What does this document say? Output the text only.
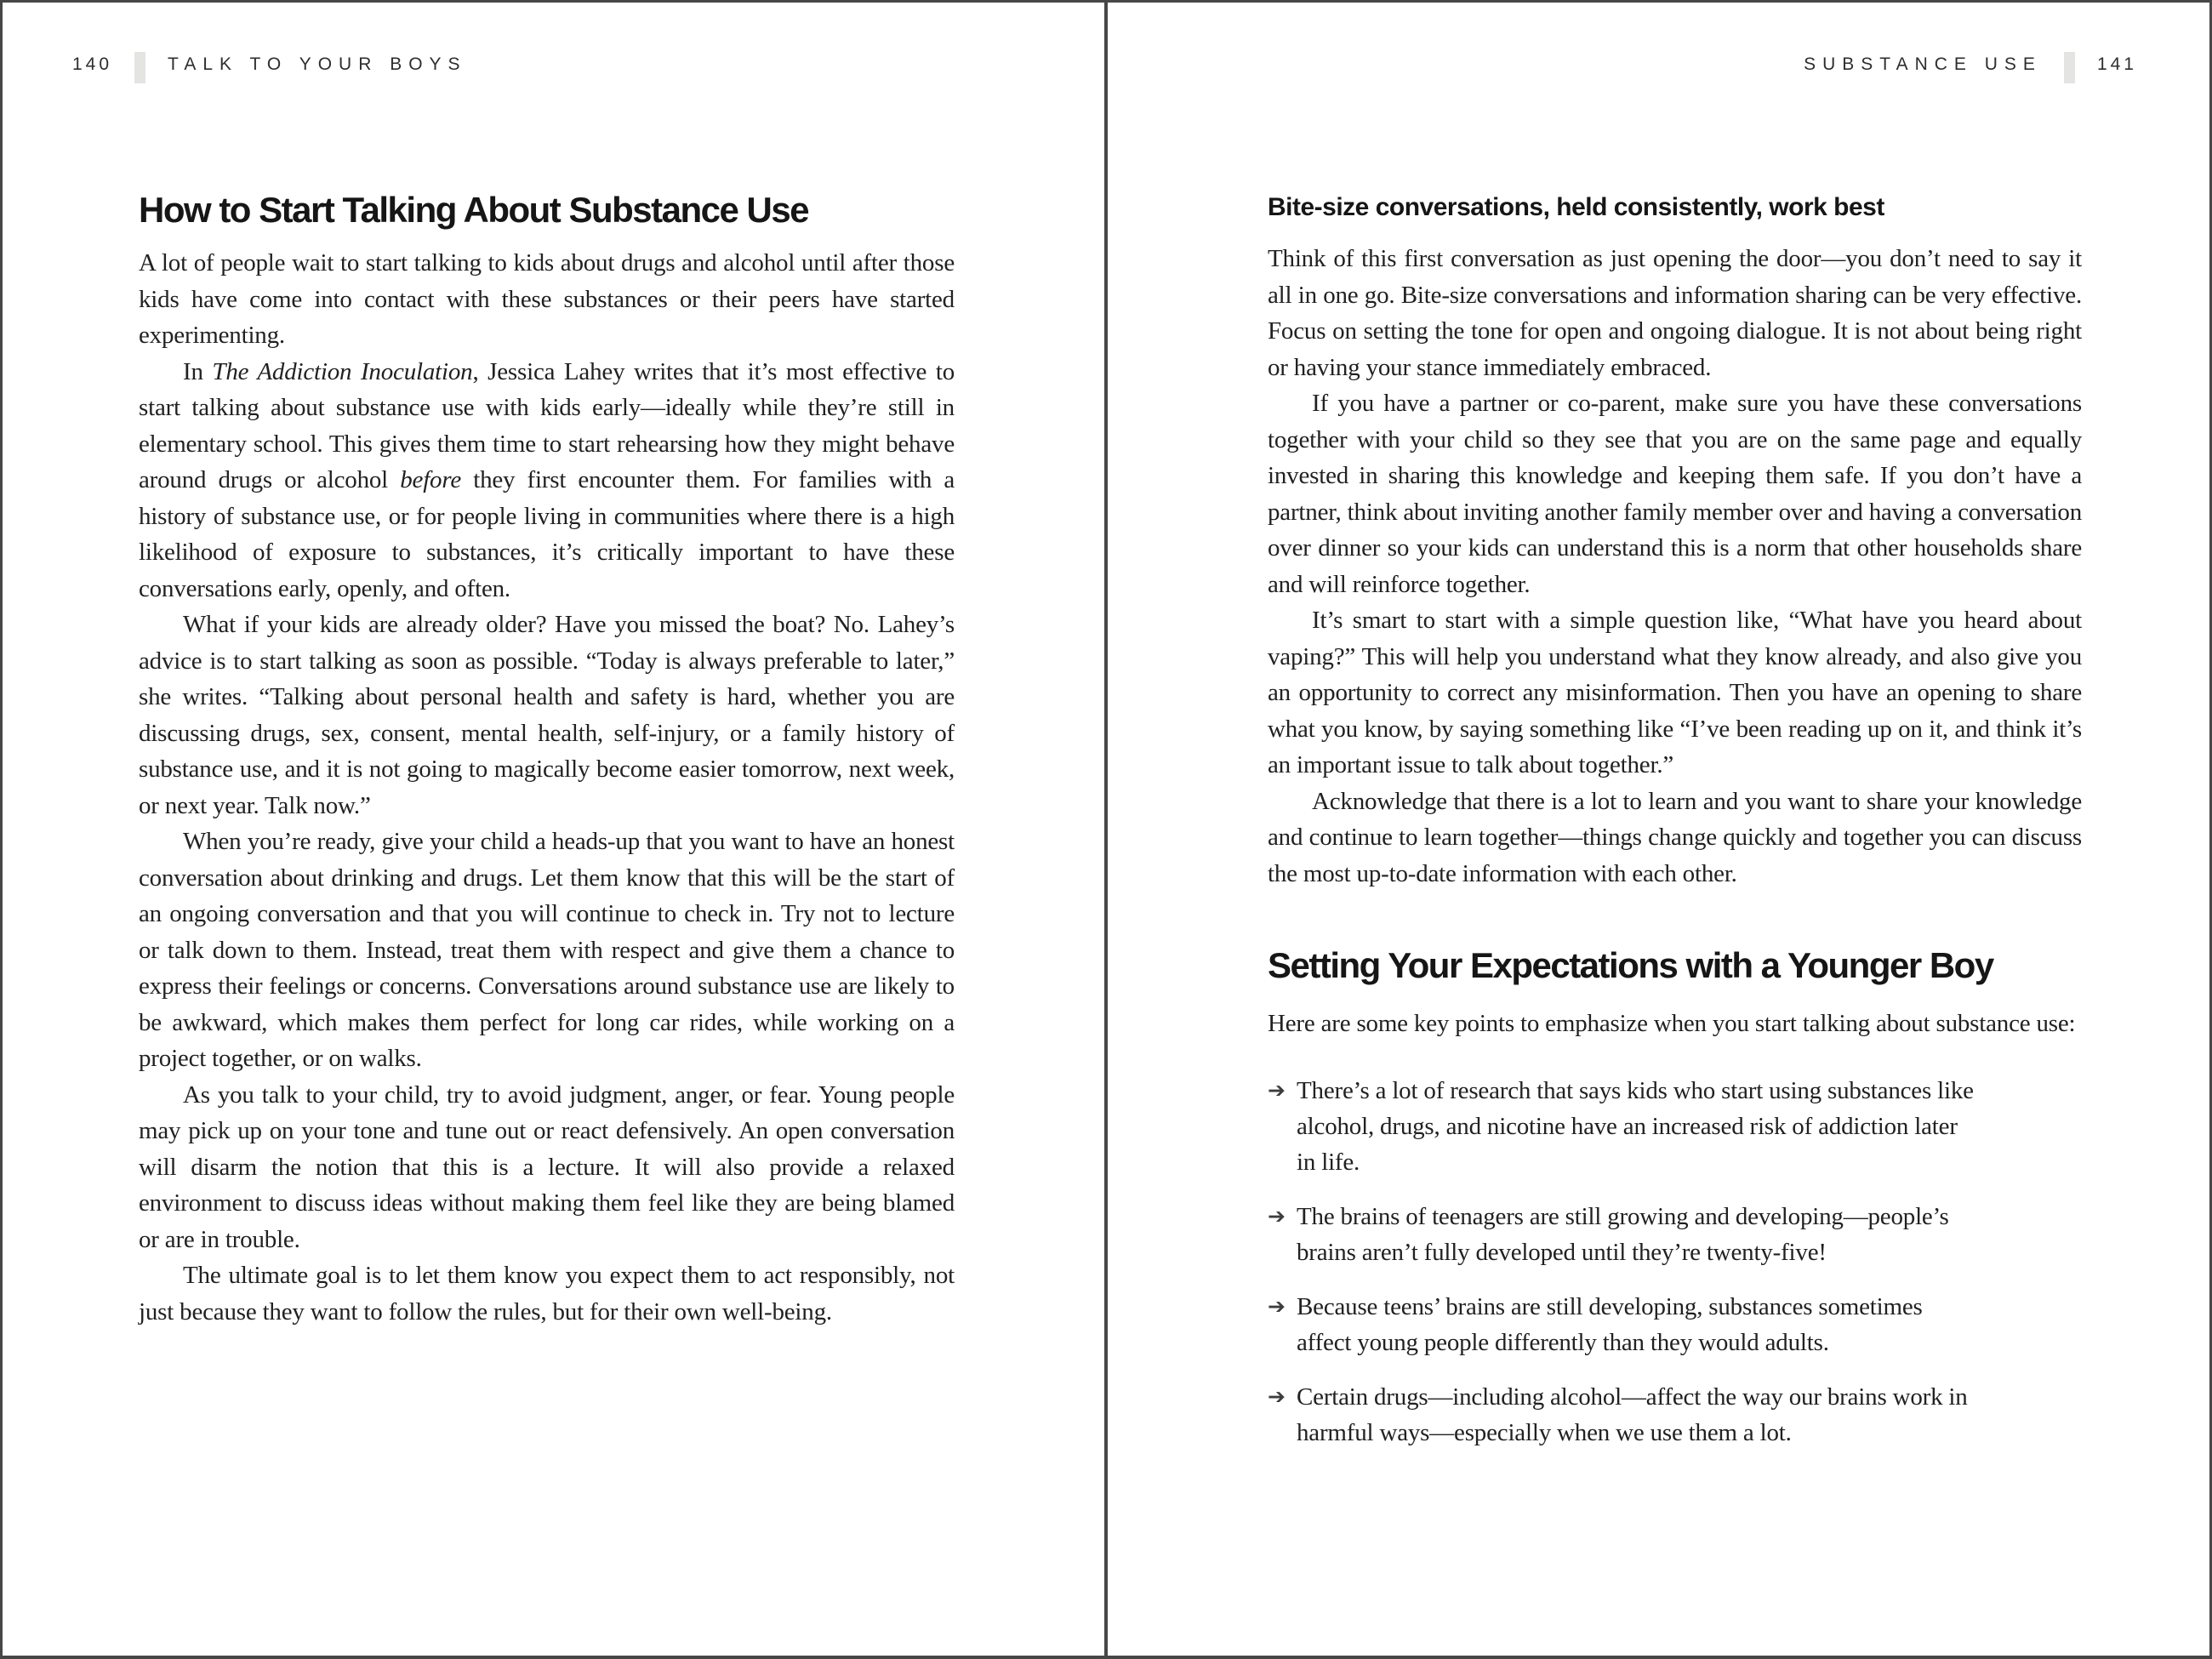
140	TALK TO YOUR BOYS
How to Start Talking About Substance Use

A lot of people wait to start talking to kids about drugs and alcohol until after those kids have come into contact with these substances or their peers have started experimenting.

In The Addiction Inoculation, Jessica Lahey writes that it’s most effective to start talking about substance use with kids early—ideally while they’re still in elementary school. This gives them time to start rehearsing how they might behave around drugs or alcohol before they first encounter them. For families with a history of substance use, or for people living in communities where there is a high likelihood of exposure to substances, it’s critically important to have these conversations early, openly, and often.

What if your kids are already older? Have you missed the boat? No. Lahey’s advice is to start talking as soon as possible. “Today is always preferable to later,” she writes. “Talking about personal health and safety is hard, whether you are discussing drugs, sex, consent, mental health, self-injury, or a family history of substance use, and it is not going to magically become easier tomorrow, next week, or next year. Talk now.”

When you’re ready, give your child a heads-up that you want to have an honest conversation about drinking and drugs. Let them know that this will be the start of an ongoing conversation and that you will continue to check in. Try not to lecture or talk down to them. Instead, treat them with respect and give them a chance to express their feelings or concerns. Conversations around substance use are likely to be awkward, which makes them perfect for long car rides, while working on a project together, or on walks.

As you talk to your child, try to avoid judgment, anger, or fear. Young people may pick up on your tone and tune out or react defensively. An open conversation will disarm the notion that this is a lecture. It will also provide a relaxed environment to discuss ideas without making them feel like they are being blamed or are in trouble.

The ultimate goal is to let them know you expect them to act responsibly, not just because they want to follow the rules, but for their own well-being.

SUBSTANCE USE	141
Bite-size conversations, held consistently, work best

Think of this first conversation as just opening the door—you don’t need to say it all in one go. Bite-size conversations and information sharing can be very effective. Focus on setting the tone for open and ongoing dialogue. It is not about being right or having your stance immediately embraced.

If you have a partner or co-parent, make sure you have these conversations together with your child so they see that you are on the same page and equally invested in sharing this knowledge and keeping them safe. If you don’t have a partner, think about inviting another family member over and having a conversation over dinner so your kids can understand this is a norm that other households share and will reinforce together.

It’s smart to start with a simple question like, “What have you heard about vaping?” This will help you understand what they know already, and also give you an opportunity to correct any misinformation. Then you have an opening to share what you know, by saying something like “I’ve been reading up on it, and think it’s an important issue to talk about together.”

Acknowledge that there is a lot to learn and you want to share your knowledge and continue to learn together—things change quickly and together you can discuss the most up-to-date information with each other.

Setting Your Expectations with a Younger Boy

Here are some key points to emphasize when you start talking about substance use:

➔ There’s a lot of research that says kids who start using substances like alcohol, drugs, and nicotine have an increased risk of addiction later in life.
➔ The brains of teenagers are still growing and developing—people’s brains aren’t fully developed until they’re twenty-five!
➔ Because teens’ brains are still developing, substances sometimes affect young people differently than they would adults.
➔ Certain drugs—including alcohol—affect the way our brains work in harmful ways—especially when we use them a lot.
